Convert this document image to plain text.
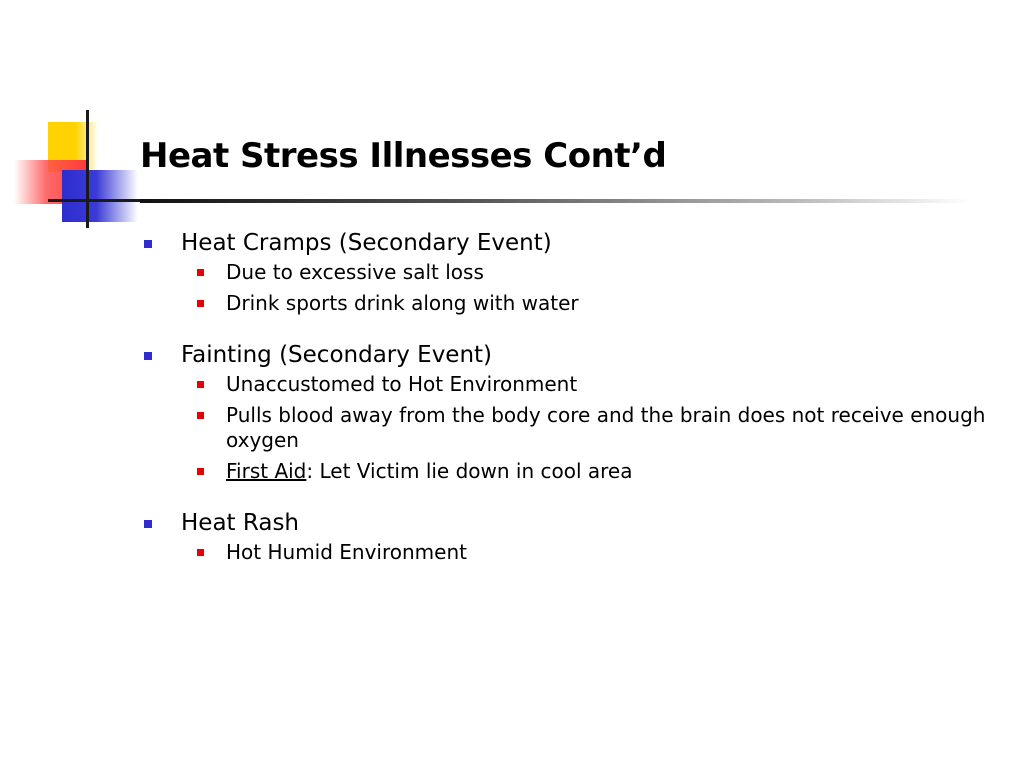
Heat Stress Illnesses Cont’d
Heat Cramps (Secondary Event)
Due to excessive salt loss
Drink sports drink along with water
Fainting (Secondary Event)
Unaccustomed to Hot Environment
Pulls blood away from the body core and the brain does not receive enough oxygen
First Aid: Let Victim lie down in cool area
Heat Rash
Hot Humid Environment
